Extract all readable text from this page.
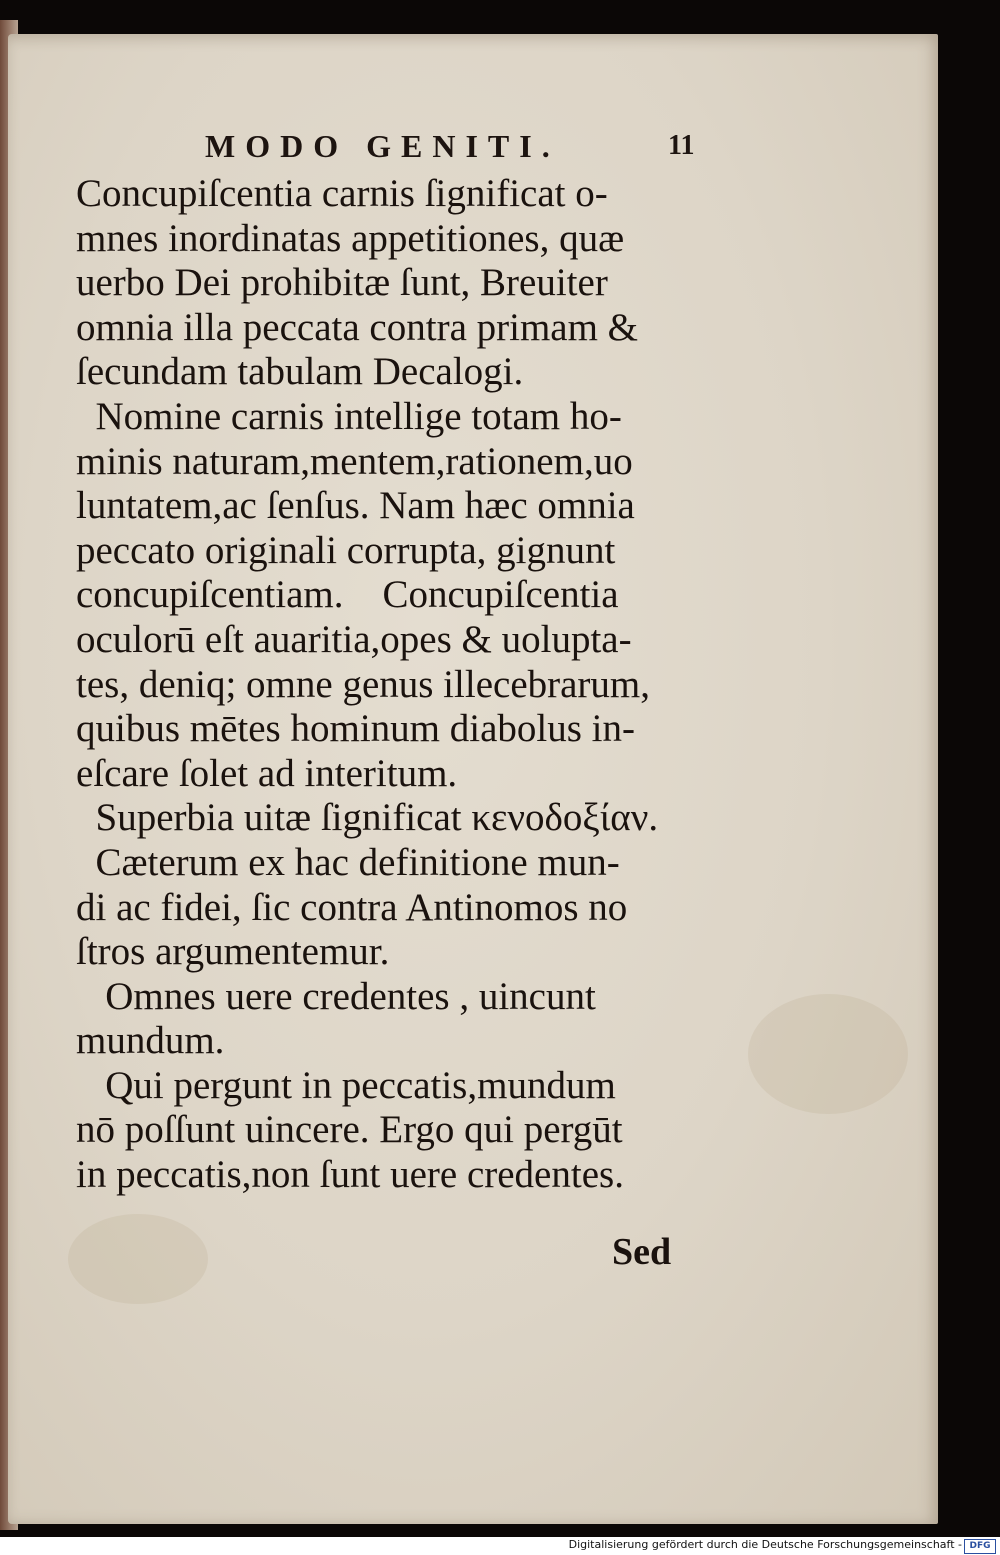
MODO GENITI.	11
Concupiſcentia carnis ſignificat o-
mnes inordinatas appetitiones, quæ
uerbo Dei prohibitæ ſunt, Breuiter
omnia illa peccata contra primam &
ſecundam tabulam Decalogi.
Nomine carnis intellige totam ho-
minis naturam,mentem,rationem,uo
luntatem,ac ſenſus. Nam hæc omnia
peccato originali corrupta, gignunt
concupiſcentiam.    Concupiſcentia
oculorū eſt auaritia,opes & uolupta-
tes, deniq; omne genus illecebrarum,
quibus mētes hominum diabolus in-
eſcare ſolet ad interitum.
Superbia uitæ ſignificat κενοδοξίαν.
Cæterum ex hac definitione mun-
di ac fidei, ſic contra Antinomos no
ſtros argumentemur.
Omnes uere credentes , uincunt
mundum.
Qui pergunt in peccatis,mundum
nō poſſunt uincere. Ergo qui pergūt
in peccatis,non ſunt uere credentes.
Sed
Digitalisierung gefördert durch die Deutsche Forschungsgemeinschaft - DFG
